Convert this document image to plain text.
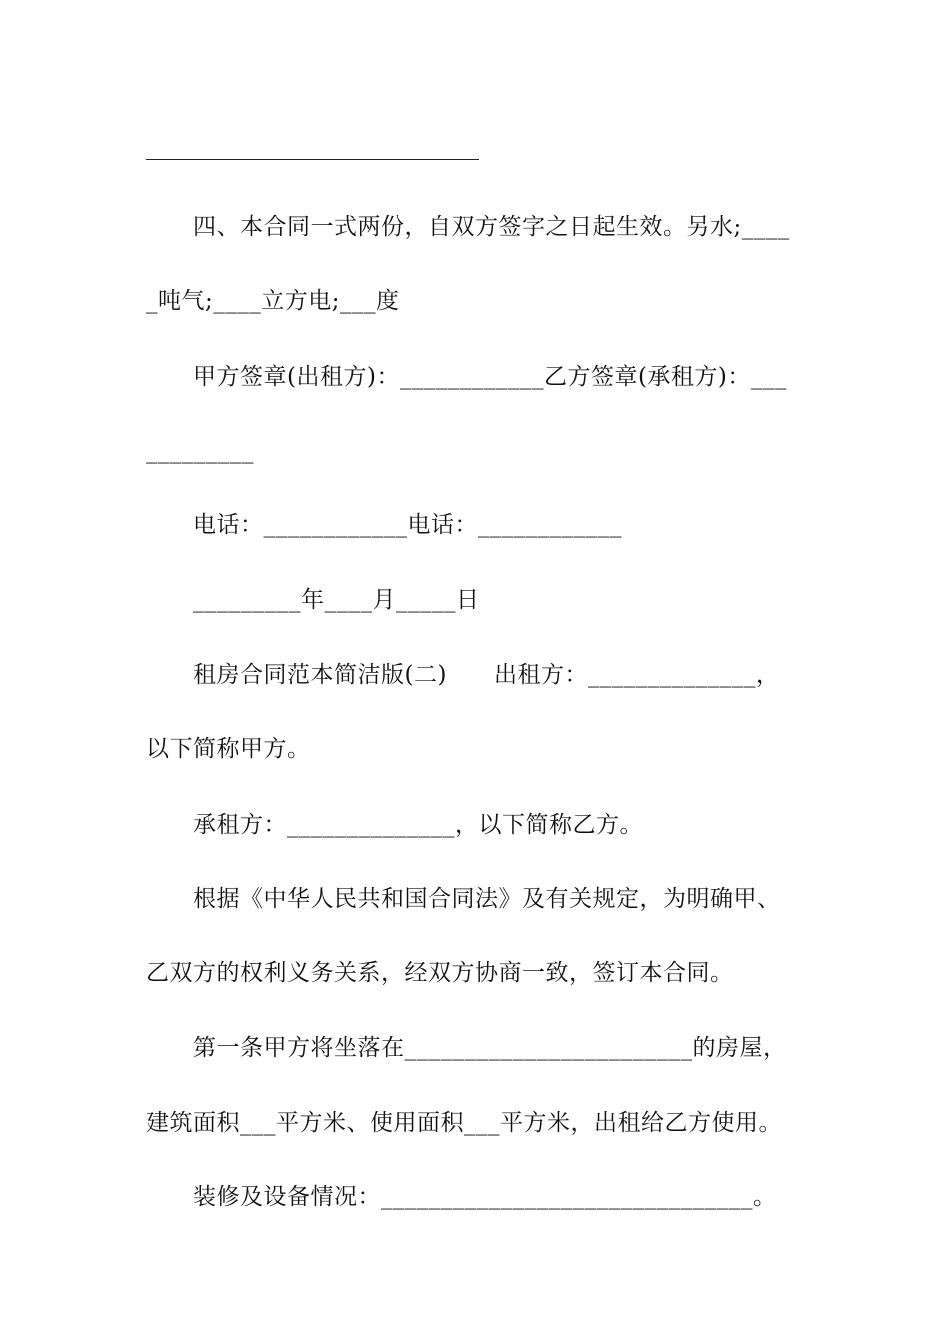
四、本合同一式两份，自双方签字之日起生效。另水;____
_吨气;____立方电;___度
甲方签章(出租方)：____________乙方签章(承租方)：___
_________
电话：____________电话：____________
_________年____月_____日
租房合同范本简洁版(二)　　出租方：______________，
以下简称甲方。
承租方：______________，以下简称乙方。
根据《中华人民共和国合同法》及有关规定，为明确甲、
乙双方的权利义务关系，经双方协商一致，签订本合同。
第一条甲方将坐落在________________________的房屋，
建筑面积___平方米、使用面积___平方米，出租给乙方使用。
装修及设备情况：_______________________________。
